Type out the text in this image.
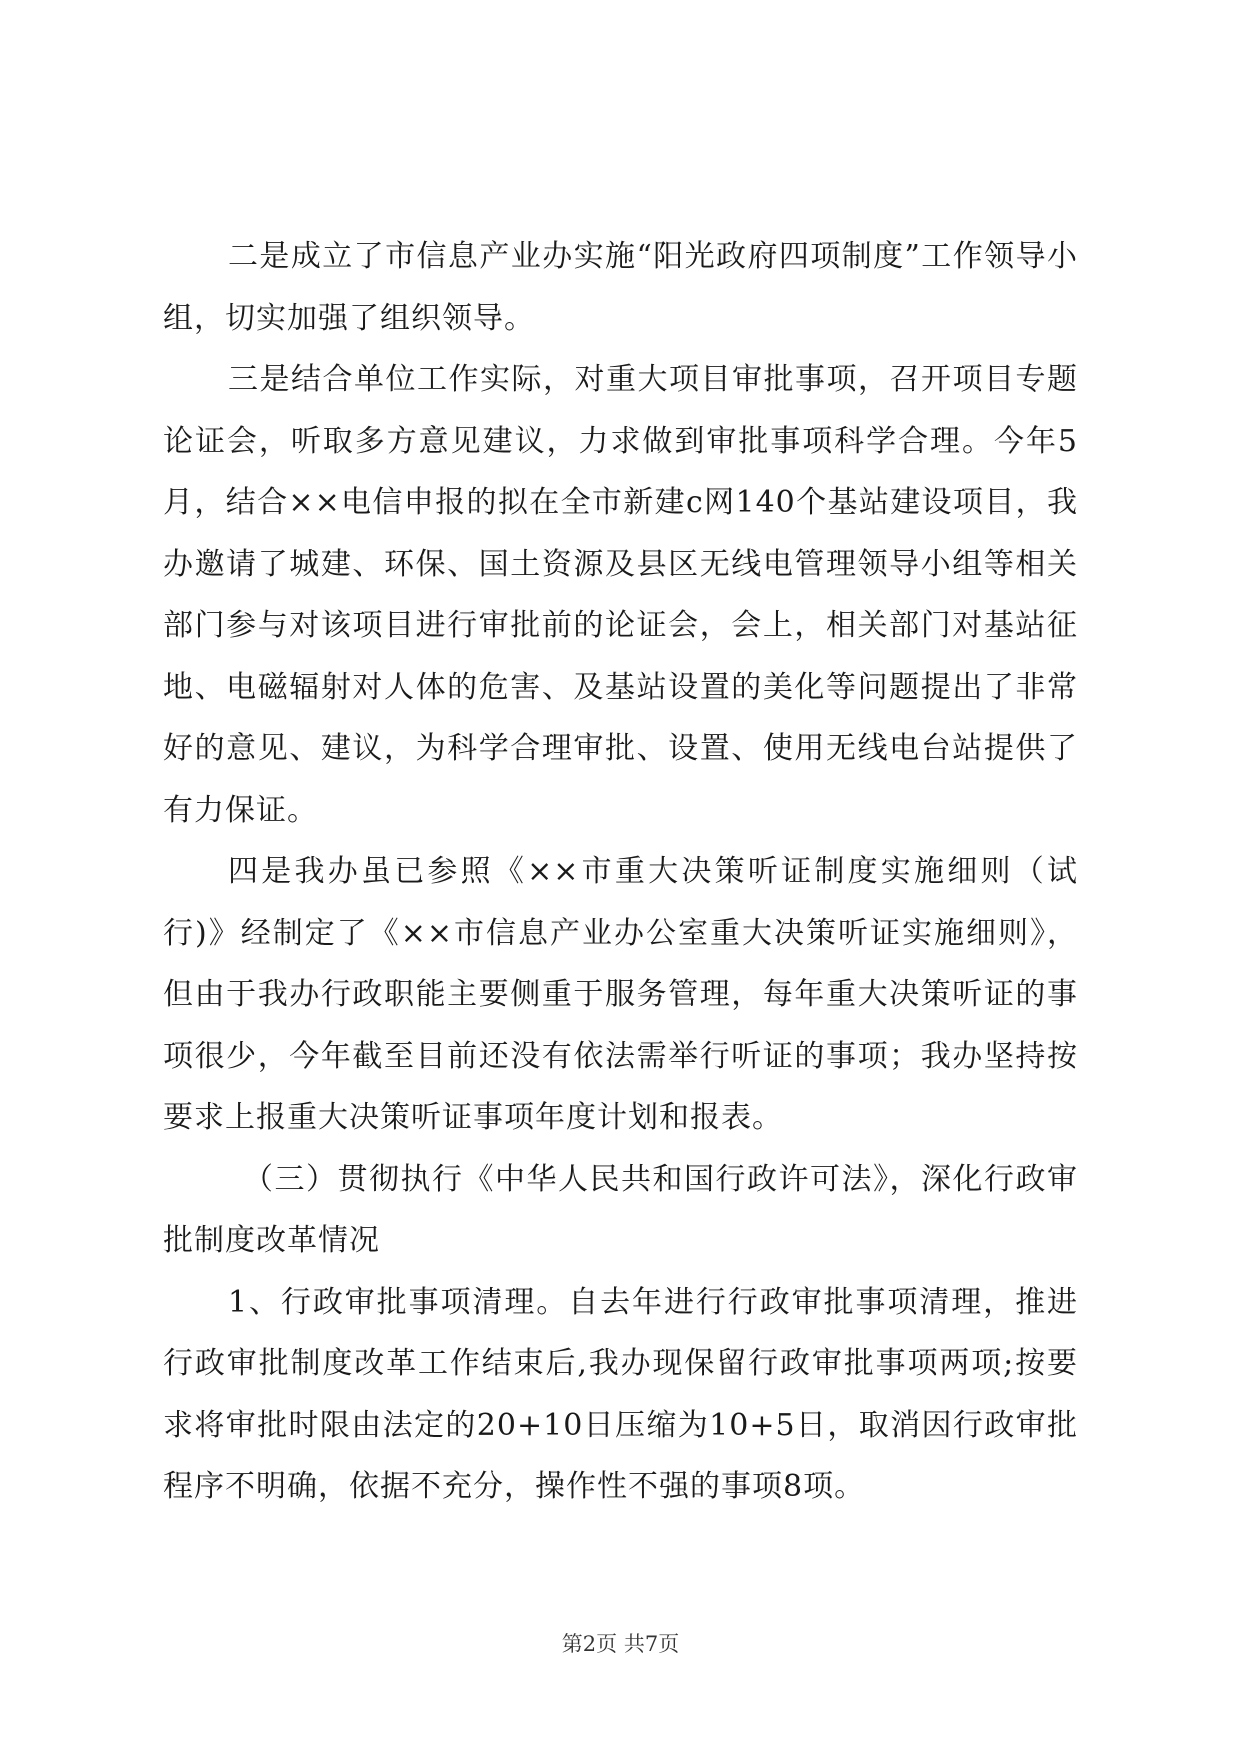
二是成立了市信息产业办实施“阳光政府四项制度”工作领导小组，切实加强了组织领导。

三是结合单位工作实际，对重大项目审批事项，召开项目专题论证会，听取多方意见建议，力求做到审批事项科学合理。今年5月，结合××电信申报的拟在全市新建c网140个基站建设项目，我办邀请了城建、环保、国土资源及县区无线电管理领导小组等相关部门参与对该项目进行审批前的论证会，会上，相关部门对基站征地、电磁辐射对人体的危害、及基站设置的美化等问题提出了非常好的意见、建议，为科学合理审批、设置、使用无线电台站提供了有力保证。

四是我办虽已参照《××市重大决策听证制度实施细则（试行)》经制定了《××市信息产业办公室重大决策听证实施细则》，但由于我办行政职能主要侧重于服务管理，每年重大决策听证的事项很少，今年截至目前还没有依法需举行听证的事项；我办坚持按要求上报重大决策听证事项年度计划和报表。

（三）贯彻执行《中华人民共和国行政许可法》，深化行政审批制度改革情况

1、行政审批事项清理。自去年进行行政审批事项清理，推进行政审批制度改革工作结束后,我办现保留行政审批事项两项;按要求将审批时限由法定的20+10日压缩为10+5日，取消因行政审批程序不明确，依据不充分，操作性不强的事项8项。

第2页 共7页
